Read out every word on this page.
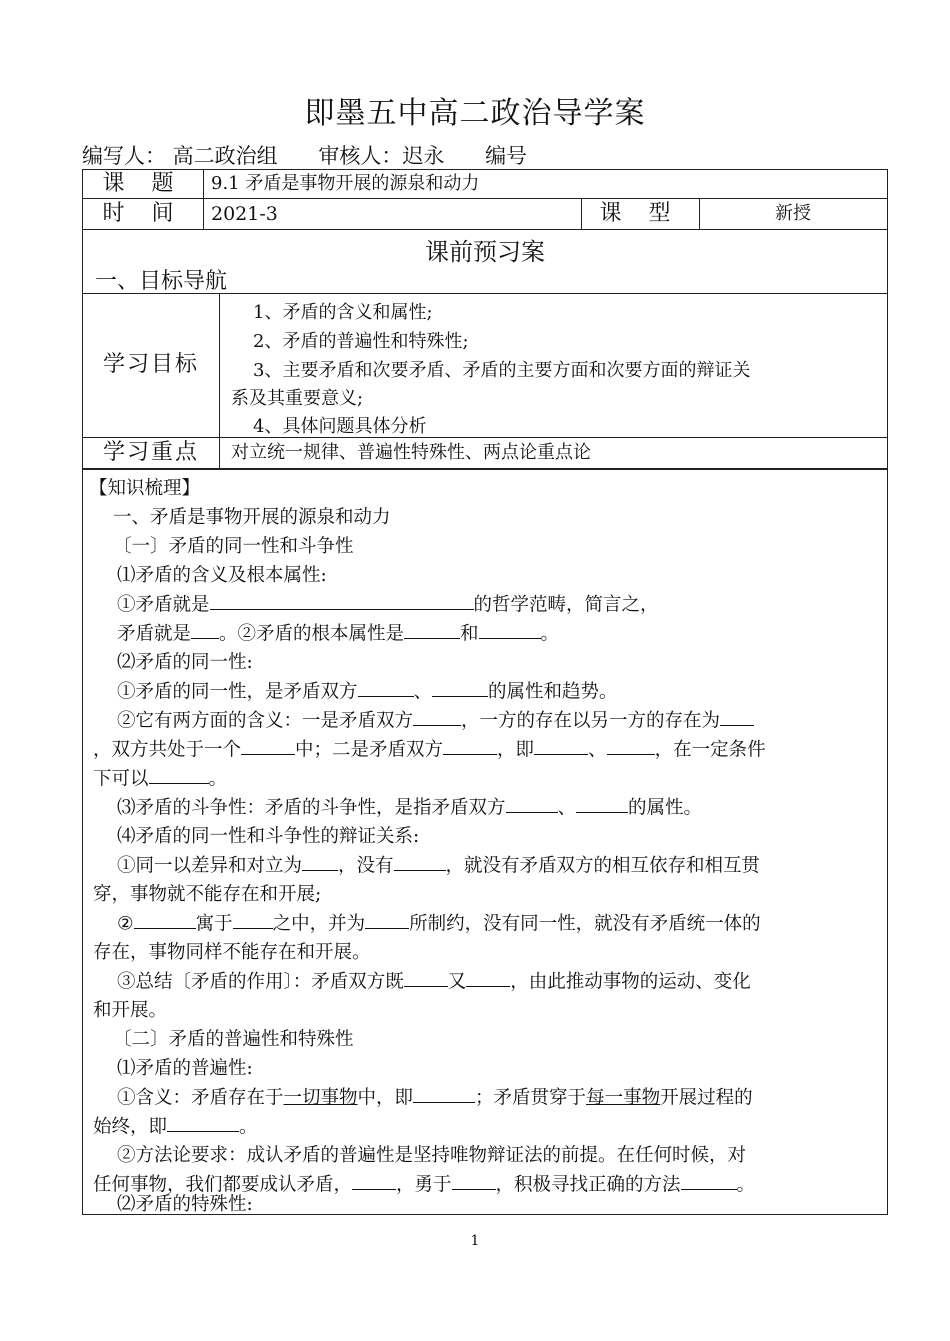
即墨五中高二政治导学案
编写人： 高二政治组 审核人：迟永 编号
课 题	9.1 矛盾是事物开展的源泉和动力
时 间	2021-3	课 型	新授
课前预习案
一、目标导航
学习目标
1、矛盾的含义和属性;
2、矛盾的普遍性和特殊性;
3、主要矛盾和次要矛盾、矛盾的主要方面和次要方面的辩证关
系及其重要意义;
4、具体问题具体分析
学习重点	对立统一规律、普遍性特殊性、两点论重点论
【知识梳理】
一、矛盾是事物开展的源泉和动力
〔一〕矛盾的同一性和斗争性
⑴矛盾的含义及根本属性:
①矛盾就是	的哲学范畴，简言之，
矛盾就是 。②矛盾的根本属性是	和	。
⑵矛盾的同一性:
①矛盾的同一性，是矛盾双方	、	的属性和趋势。
②它有两方面的含义：一是矛盾双方	，一方的存在以另一方的存在为
，双方共处于一个	中；二是矛盾双方	，即	、	，在一定条件
下可以	。
⑶矛盾的斗争性：矛盾的斗争性，是指矛盾双方	、	的属性。
⑷矛盾的同一性和斗争性的辩证关系:
①同一以差异和对立为 ，没有	，就没有矛盾双方的相互依存和相互贯
穿，事物就不能存在和开展;
②	寓于 之中，并为 所制约，没有同一性，就没有矛盾统一体的
存在，事物同样不能存在和开展。
③总结〔矛盾的作用〕：矛盾双方既 又 ，由此推动事物的运动、变化
和开展。
〔二〕矛盾的普遍性和特殊性
⑴矛盾的普遍性:
①含义：矛盾存在于一切事物中，即	；矛盾贯穿于每一事物开展过程的
始终，即	。
②方法论要求：成认矛盾的普遍性是坚持唯物辩证法的前提。在任何时候，对
任何事物，我们都要成认矛盾， ，勇于 ，积极寻找正确的方法	。
⑵矛盾的特殊性:
1
